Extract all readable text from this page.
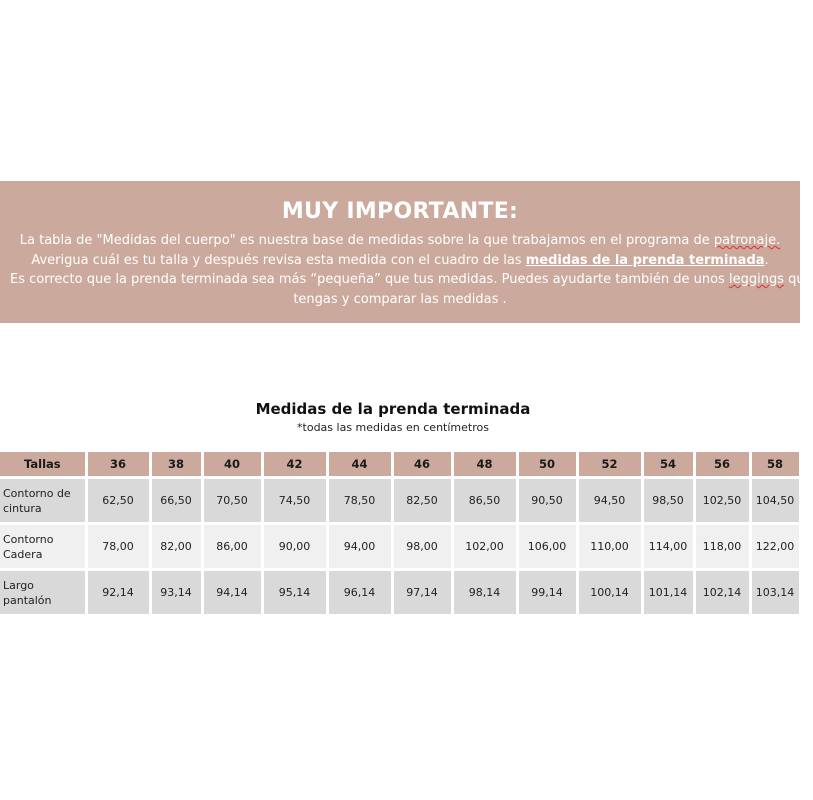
MUY IMPORTANTE:
La tabla de "Medidas del cuerpo" es nuestra base de medidas sobre la que trabajamos en el programa de patronaje.
Averigua cuál es tu talla y después revisa esta medida con el cuadro de las medidas de la prenda terminada.
Es correcto que la prenda terminada sea más “pequeña” que tus medidas. Puedes ayudarte también de unos leggings que
tengas y comparar las medidas .
Medidas de la prenda terminada
*todas las medidas en centímetros
Tallas	36	38	40	42	44	46	48	50	52	54	56	58
Contorno de cintura	62,50	66,50	70,50	74,50	78,50	82,50	86,50	90,50	94,50	98,50	102,50	104,50
Contorno Cadera	78,00	82,00	86,00	90,00	94,00	98,00	102,00	106,00	110,00	114,00	118,00	122,00
Largo pantalón	92,14	93,14	94,14	95,14	96,14	97,14	98,14	99,14	100,14	101,14	102,14	103,14
